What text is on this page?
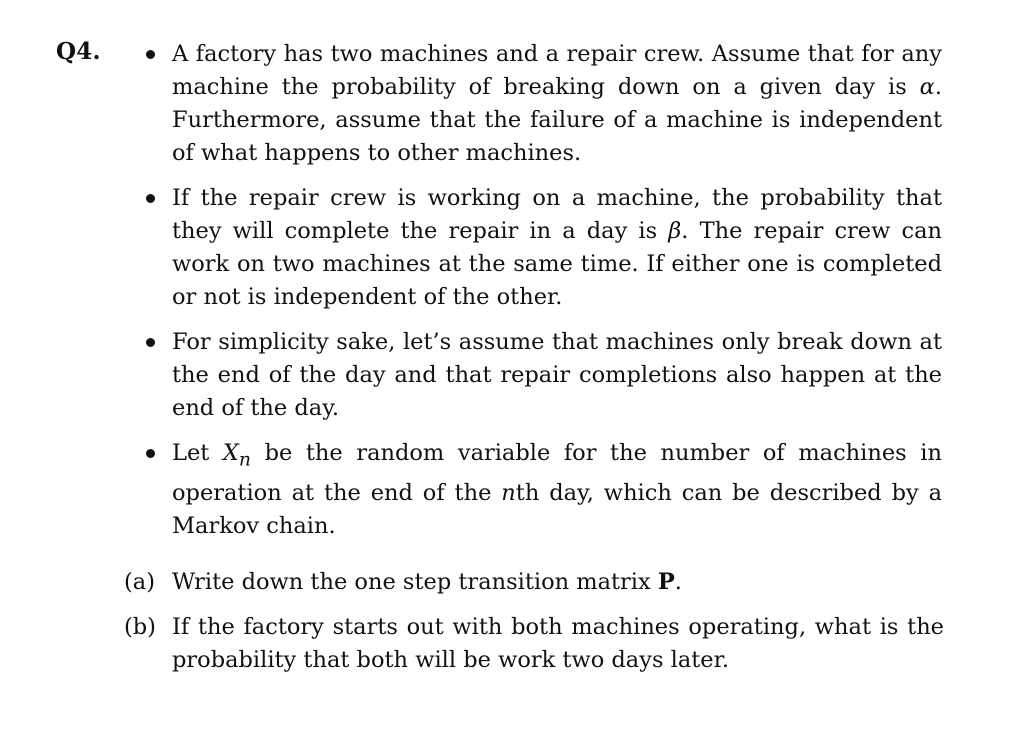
Q4.	A factory has two machines and a repair crew. Assume that for any machine the probability of breaking down on a given day is α. Furthermore, assume that the failure of a machine is independent of what happens to other machines.
If the repair crew is working on a machine, the probability that they will complete the repair in a day is β. The repair crew can work on two machines at the same time. If either one is completed or not is independent of the other.
For simplicity sake, let’s assume that machines only break down at the end of the day and that repair completions also happen at the end of the day.
Let $X_n$ be the random variable for the number of machines in operation at the end of the nth day, which can be described by a Markov chain.
(a) Write down the one step transition matrix P.
(b) If the factory starts out with both machines operating, what is the probability that both will be work two days later.
